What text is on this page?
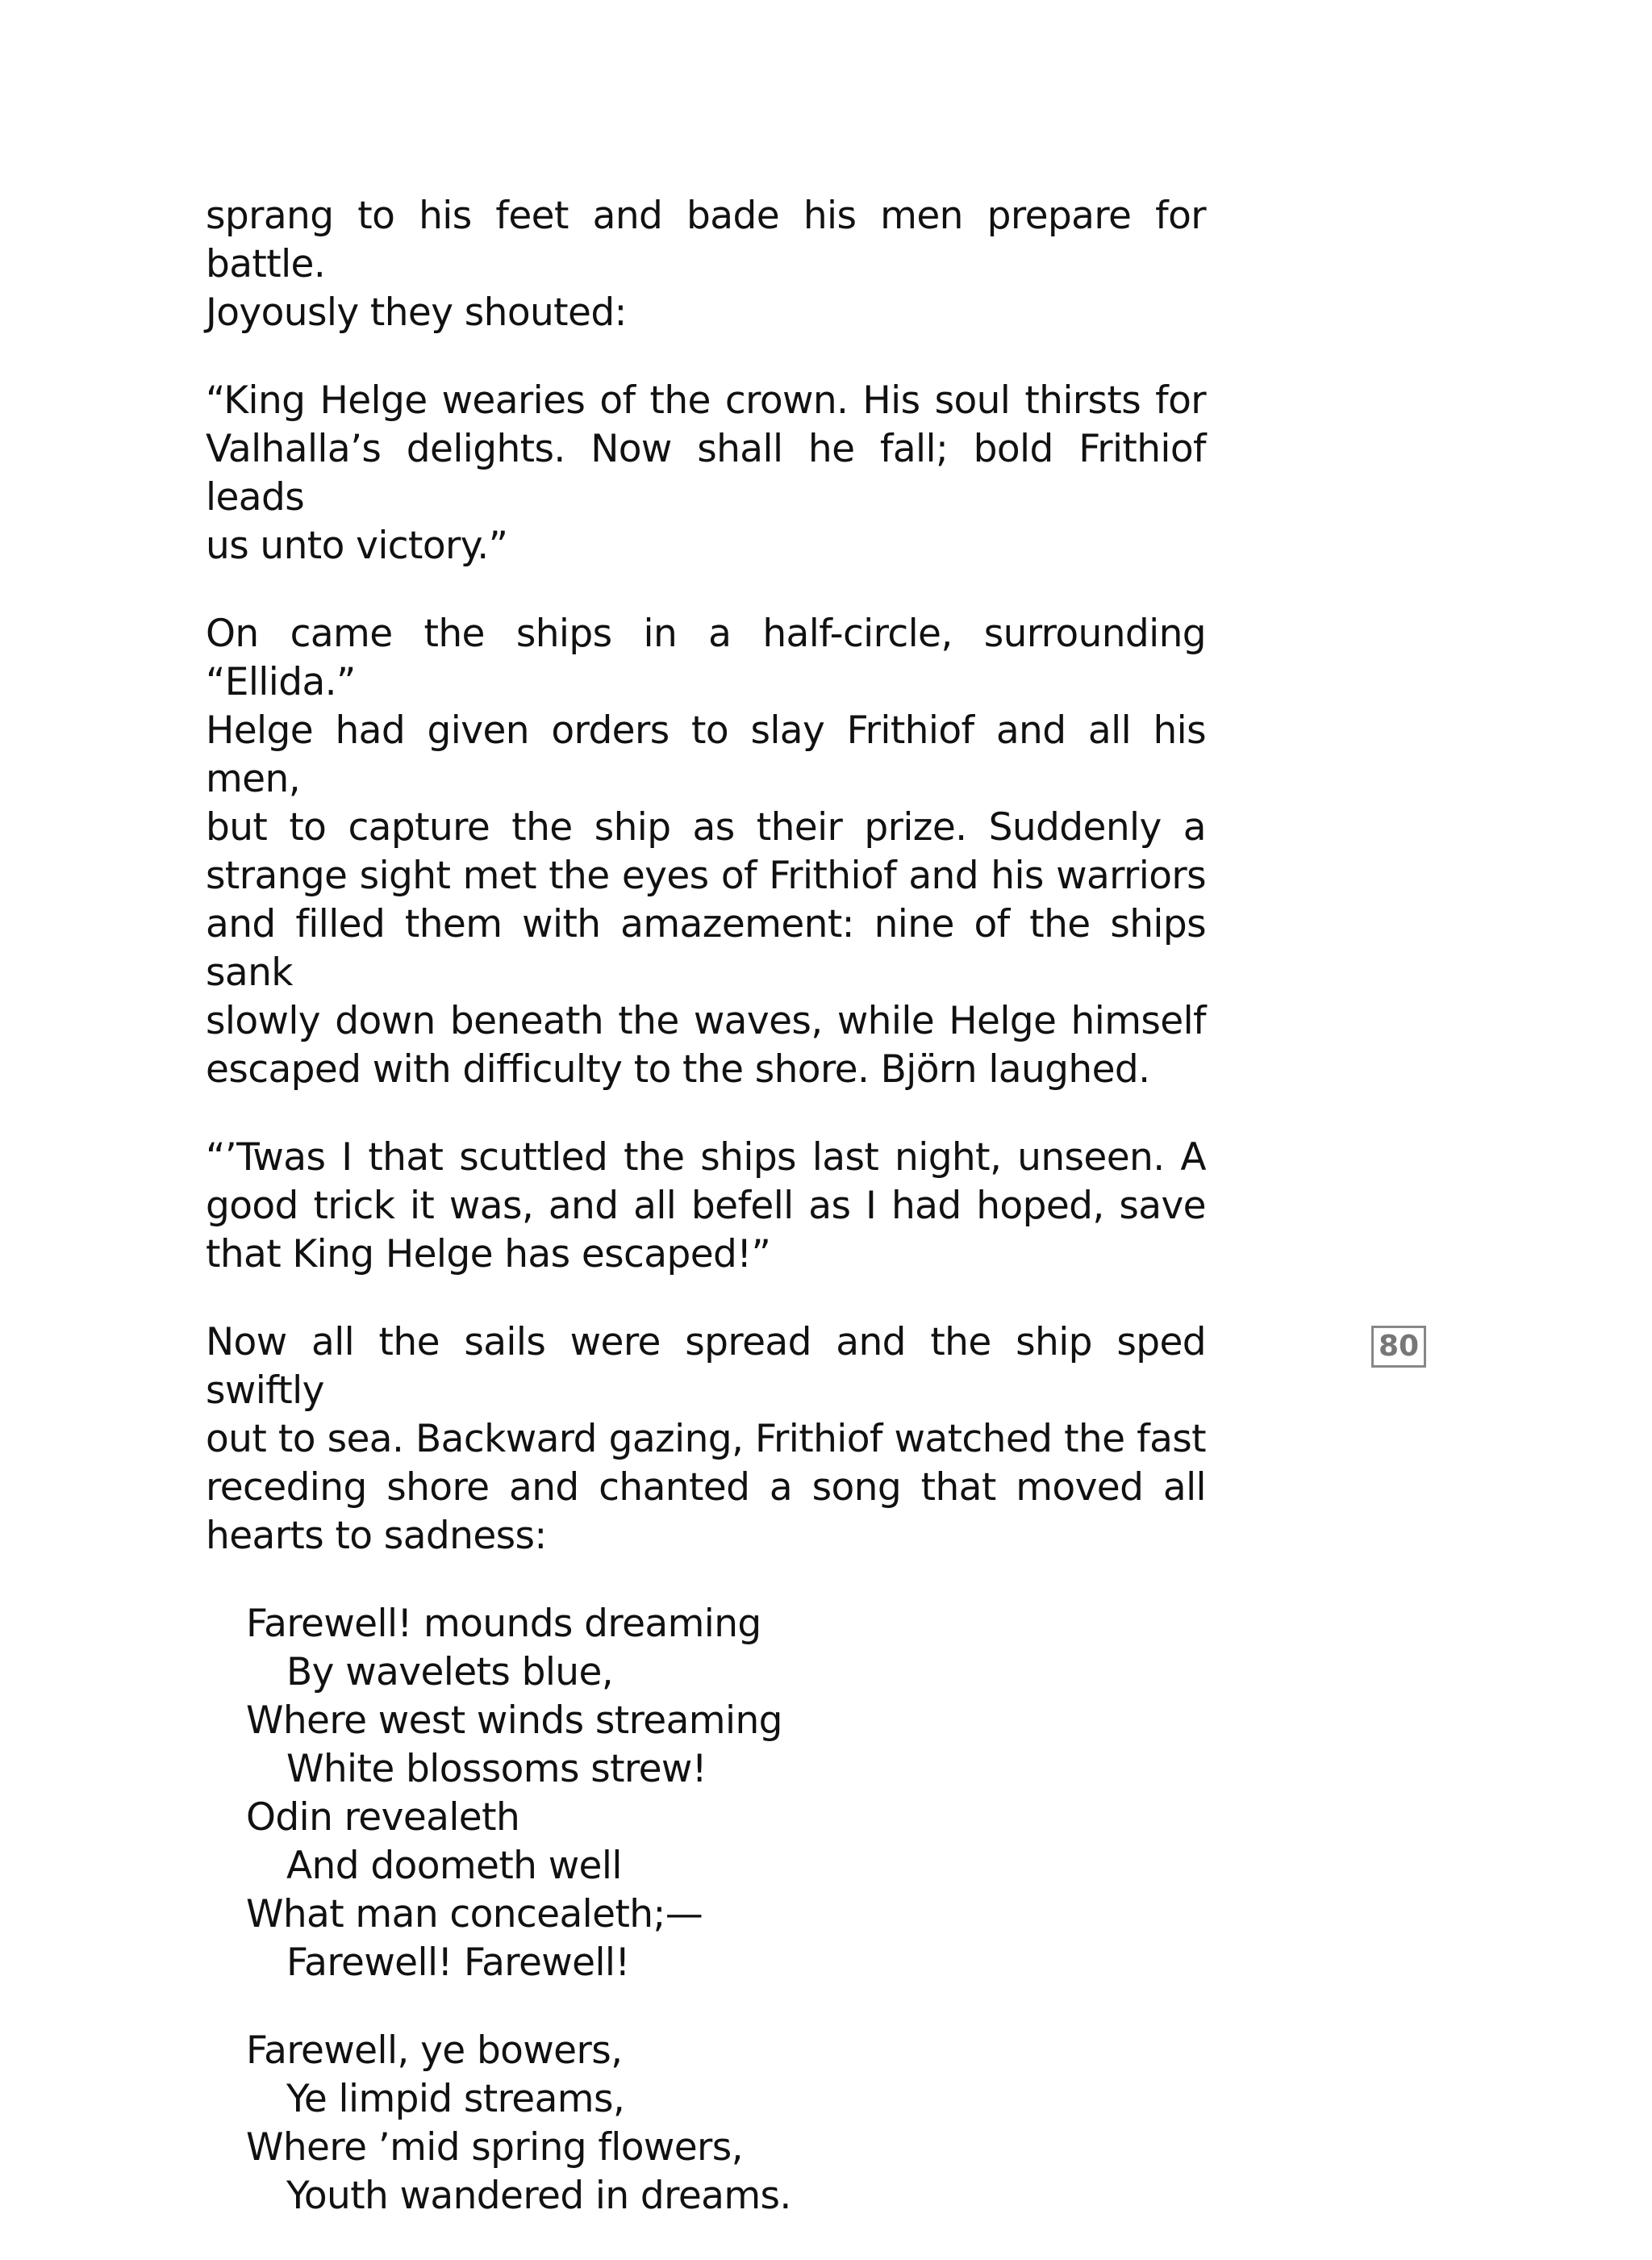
sprang to his feet and bade his men prepare for battle.
Joyously they shouted:

“King Helge wearies of the crown. His soul thirsts for
Valhalla’s delights. Now shall he fall; bold Frithiof leads
us unto victory.”

On came the ships in a half-circle, surrounding “Ellida.”
Helge had given orders to slay Frithiof and all his men,
but to capture the ship as their prize. Suddenly a
strange sight met the eyes of Frithiof and his warriors
and filled them with amazement: nine of the ships sank
slowly down beneath the waves, while Helge himself
escaped with difficulty to the shore. Björn laughed.

“’Twas I that scuttled the ships last night, unseen. A
good trick it was, and all befell as I had hoped, save
that King Helge has escaped!”

Now all the sails were spread and the ship sped swiftly
out to sea. Backward gazing, Frithiof watched the fast
receding shore and chanted a song that moved all
hearts to sadness:

Farewell! mounds dreaming
By wavelets blue,
Where west winds streaming
White blossoms strew!
Odin revealeth
And doometh well
What man concealeth;—
Farewell! Farewell!
Farewell, ye bowers,
Ye limpid streams,
Where ’mid spring flowers,
Youth wandered in dreams.
80
